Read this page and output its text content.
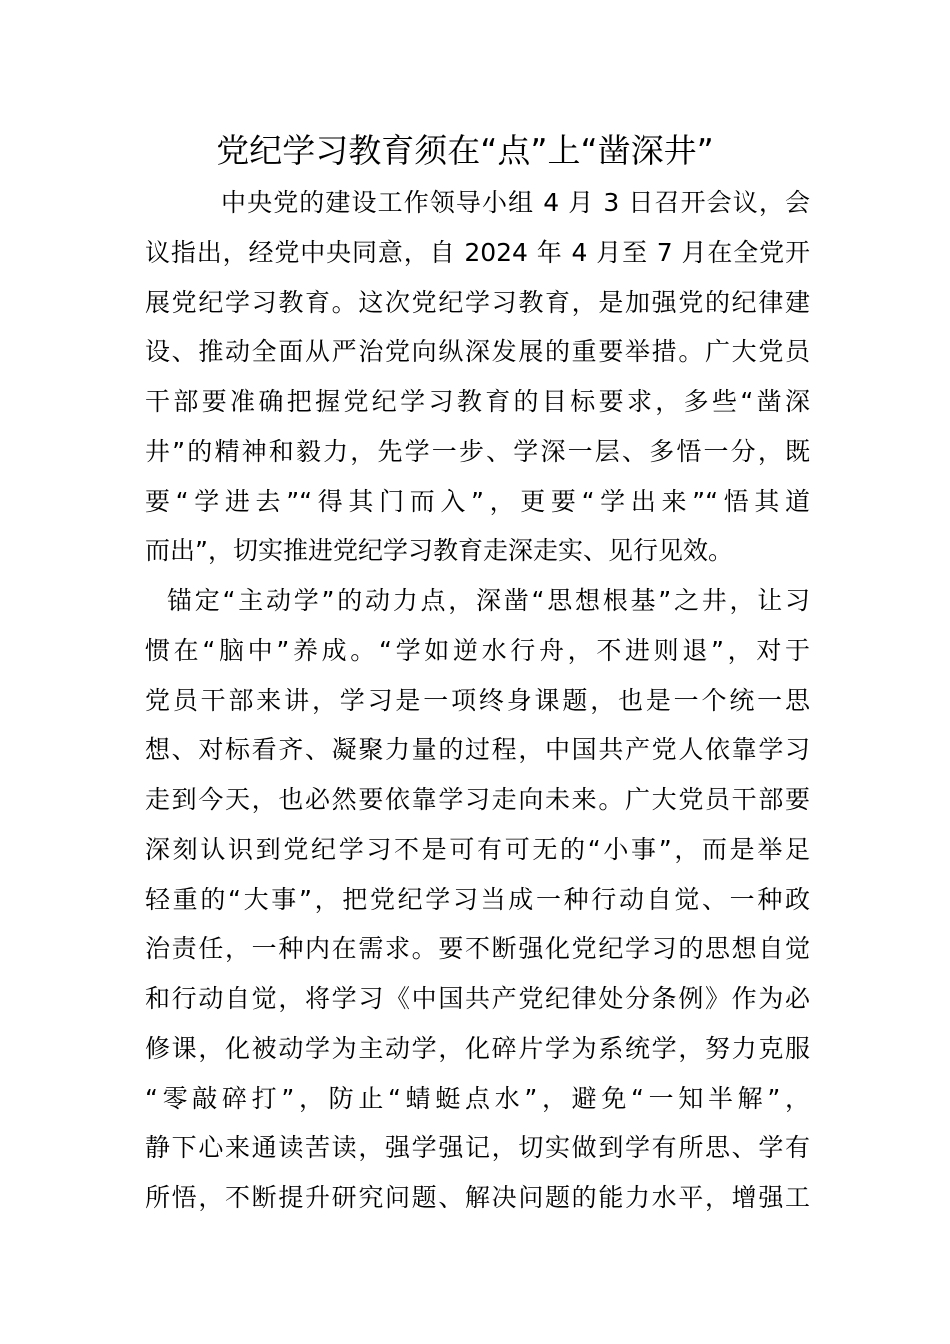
党纪学习教育须在“点”上“凿深井”
中央党的建设工作领导小组 4 月 3 日召开会议，会
议指出，经党中央同意，自 2024 年 4 月至 7 月在全党开
展党纪学习教育。这次党纪学习教育，是加强党的纪律建
设、推动全面从严治党向纵深发展的重要举措。广大党员
干部要准确把握党纪学习教育的目标要求，多些“凿深
井”的精神和毅力，先学一步、学深一层、多悟一分，既
要“学进去”“得其门而入”，更要“学出来”“悟其道
而出”，切实推进党纪学习教育走深走实、见行见效。
锚定“主动学”的动力点，深凿“思想根基”之井，让习
惯在“脑中”养成。“学如逆水行舟，不进则退”，对于
党员干部来讲，学习是一项终身课题，也是一个统一思
想、对标看齐、凝聚力量的过程，中国共产党人依靠学习
走到今天，也必然要依靠学习走向未来。广大党员干部要
深刻认识到党纪学习不是可有可无的“小事”，而是举足
轻重的“大事”，把党纪学习当成一种行动自觉、一种政
治责任，一种内在需求。要不断强化党纪学习的思想自觉
和行动自觉，将学习《中国共产党纪律处分条例》作为必
修课，化被动学为主动学，化碎片学为系统学，努力克服
“零敲碎打”，防止“蜻蜓点水”，避免“一知半解”，
静下心来通读苦读，强学强记，切实做到学有所思、学有
所悟，不断提升研究问题、解决问题的能力水平，增强工
